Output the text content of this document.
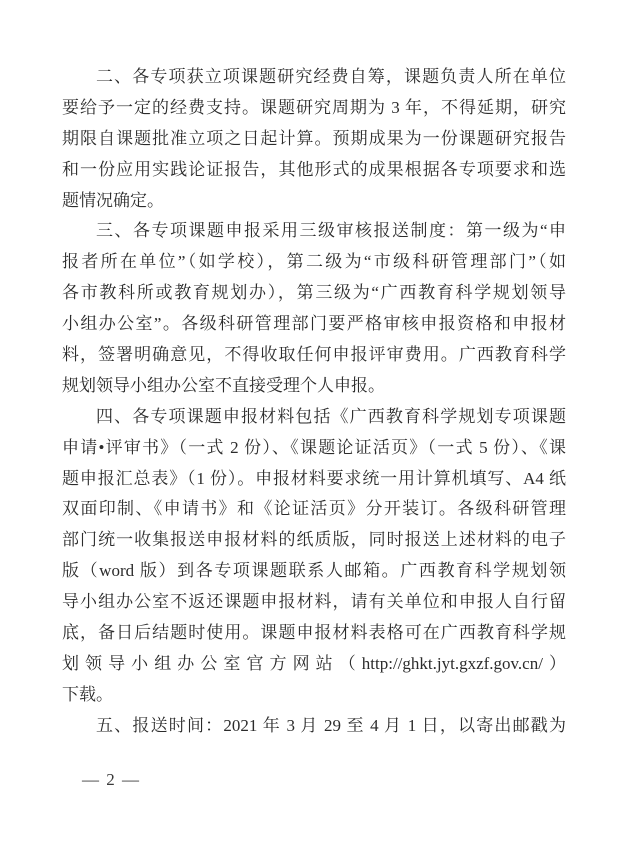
二、各专项获立项课题研究经费自筹，课题负责人所在单位
要给予一定的经费支持。课题研究周期为 3 年，不得延期，研究
期限自课题批准立项之日起计算。预期成果为一份课题研究报告
和一份应用实践论证报告，其他形式的成果根据各专项要求和选
题情况确定。
三、各专项课题申报采用三级审核报送制度：第一级为“申
报者所在单位”（如学校），第二级为“市级科研管理部门”（如
各市教科所或教育规划办），第三级为“广西教育科学规划领导
小组办公室”。各级科研管理部门要严格审核申报资格和申报材
料，签署明确意见，不得收取任何申报评审费用。广西教育科学
规划领导小组办公室不直接受理个人申报。
四、各专项课题申报材料包括《广西教育科学规划专项课题
申请•评审书》（一式 2 份）、《课题论证活页》（一式 5 份）、《课
题申报汇总表》（1 份）。申报材料要求统一用计算机填写、A4 纸
双面印制、《申请书》和《论证活页》分开装订。各级科研管理
部门统一收集报送申报材料的纸质版，同时报送上述材料的电子
版（word 版）到各专项课题联系人邮箱。广西教育科学规划领
导小组办公室不返还课题申报材料，请有关单位和申报人自行留
底，备日后结题时使用。课题申报材料表格可在广西教育科学规
划领导小组办公室官方网站（http://ghkt.jyt.gxzf.gov.cn/）
下载。
五、报送时间：2021 年 3 月 29 至 4 月 1 日，以寄出邮戳为
— 2 —
